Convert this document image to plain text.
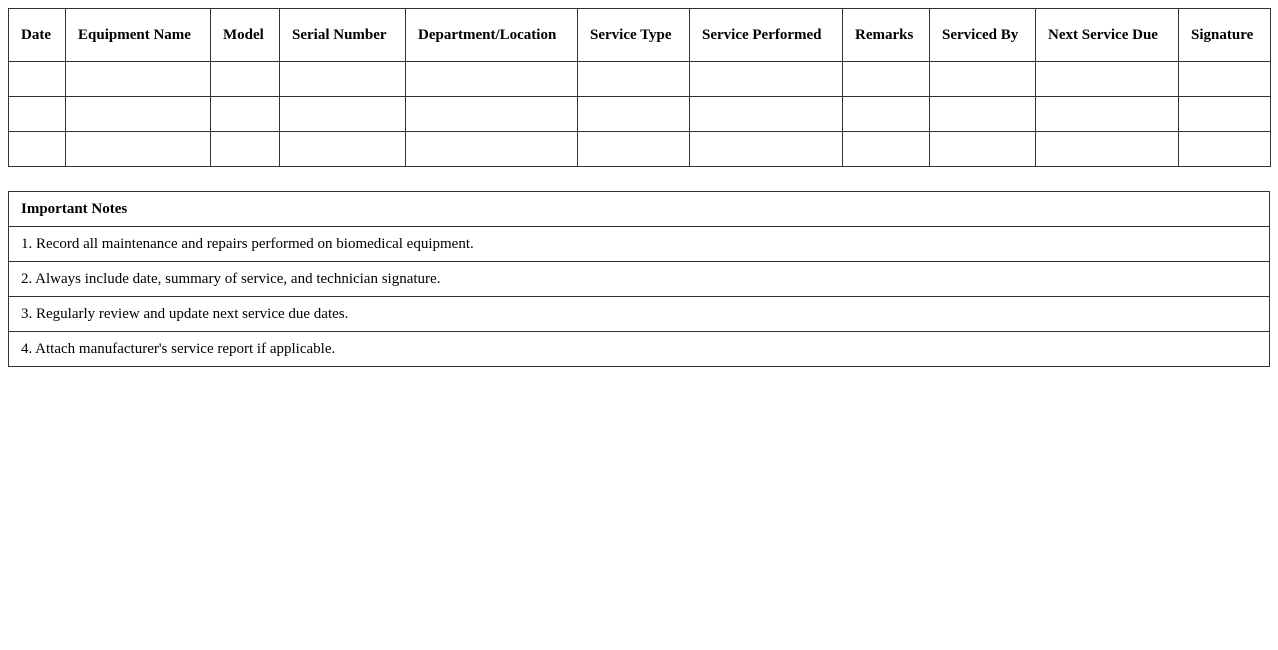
Date	Equipment Name	Model	Serial Number	Department/Location	Service Type	Service Performed	Remarks	Serviced By	Next Service Due	Signature

Important Notes
1. Record all maintenance and repairs performed on biomedical equipment.
2. Always include date, summary of service, and technician signature.
3. Regularly review and update next service due dates.
4. Attach manufacturer's service report if applicable.
